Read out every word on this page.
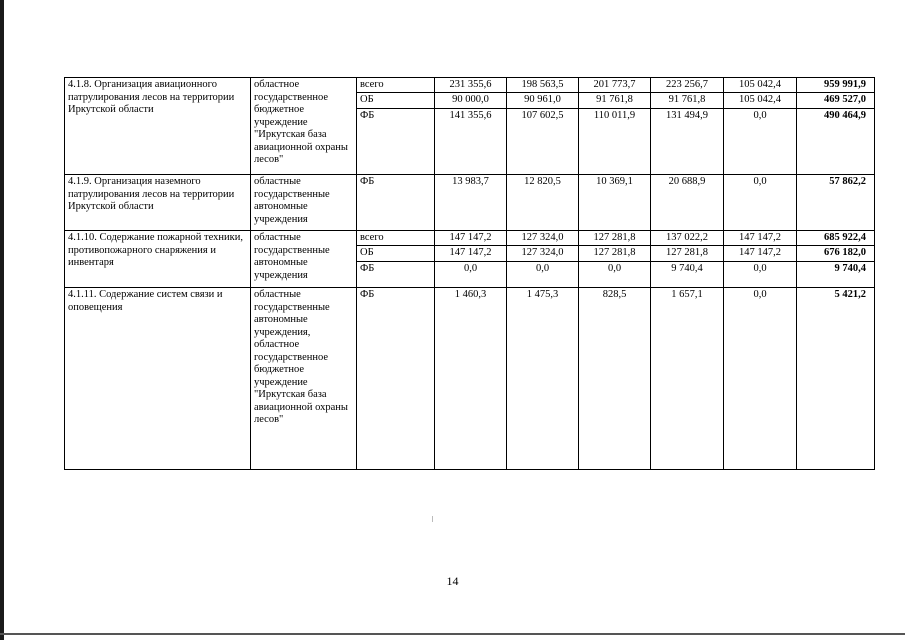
4.1.8. Организация авиационного патрулирования лесов на территории Иркутской области	областное государственное бюджетное учреждение "Иркутская база авиационной охраны лесов"	всего	231 355,6	198 563,5	201 773,7	223 256,7	105 042,4	959 991,9
		ОБ	90 000,0	90 961,0	91 761,8	91 761,8	105 042,4	469 527,0
		ФБ	141 355,6	107 602,5	110 011,9	131 494,9	0,0	490 464,9
4.1.9. Организация наземного патрулирования лесов на территории Иркутской области	областные государственные автономные учреждения	ФБ	13 983,7	12 820,5	10 369,1	20 688,9	0,0	57 862,2
4.1.10. Содержание пожарной техники, противопожарного снаряжения и инвентаря	областные государственные автономные учреждения	всего	147 147,2	127 324,0	127 281,8	137 022,2	147 147,2	685 922,4
		ОБ	147 147,2	127 324,0	127 281,8	127 281,8	147 147,2	676 182,0
		ФБ	0,0	0,0	0,0	9 740,4	0,0	9 740,4
4.1.11. Содержание систем связи и оповещения	областные государственные автономные учреждения, областное государственное бюджетное учреждение "Иркутская база авиационной охраны лесов"	ФБ	1 460,3	1 475,3	828,5	1 657,1	0,0	5 421,2
14
